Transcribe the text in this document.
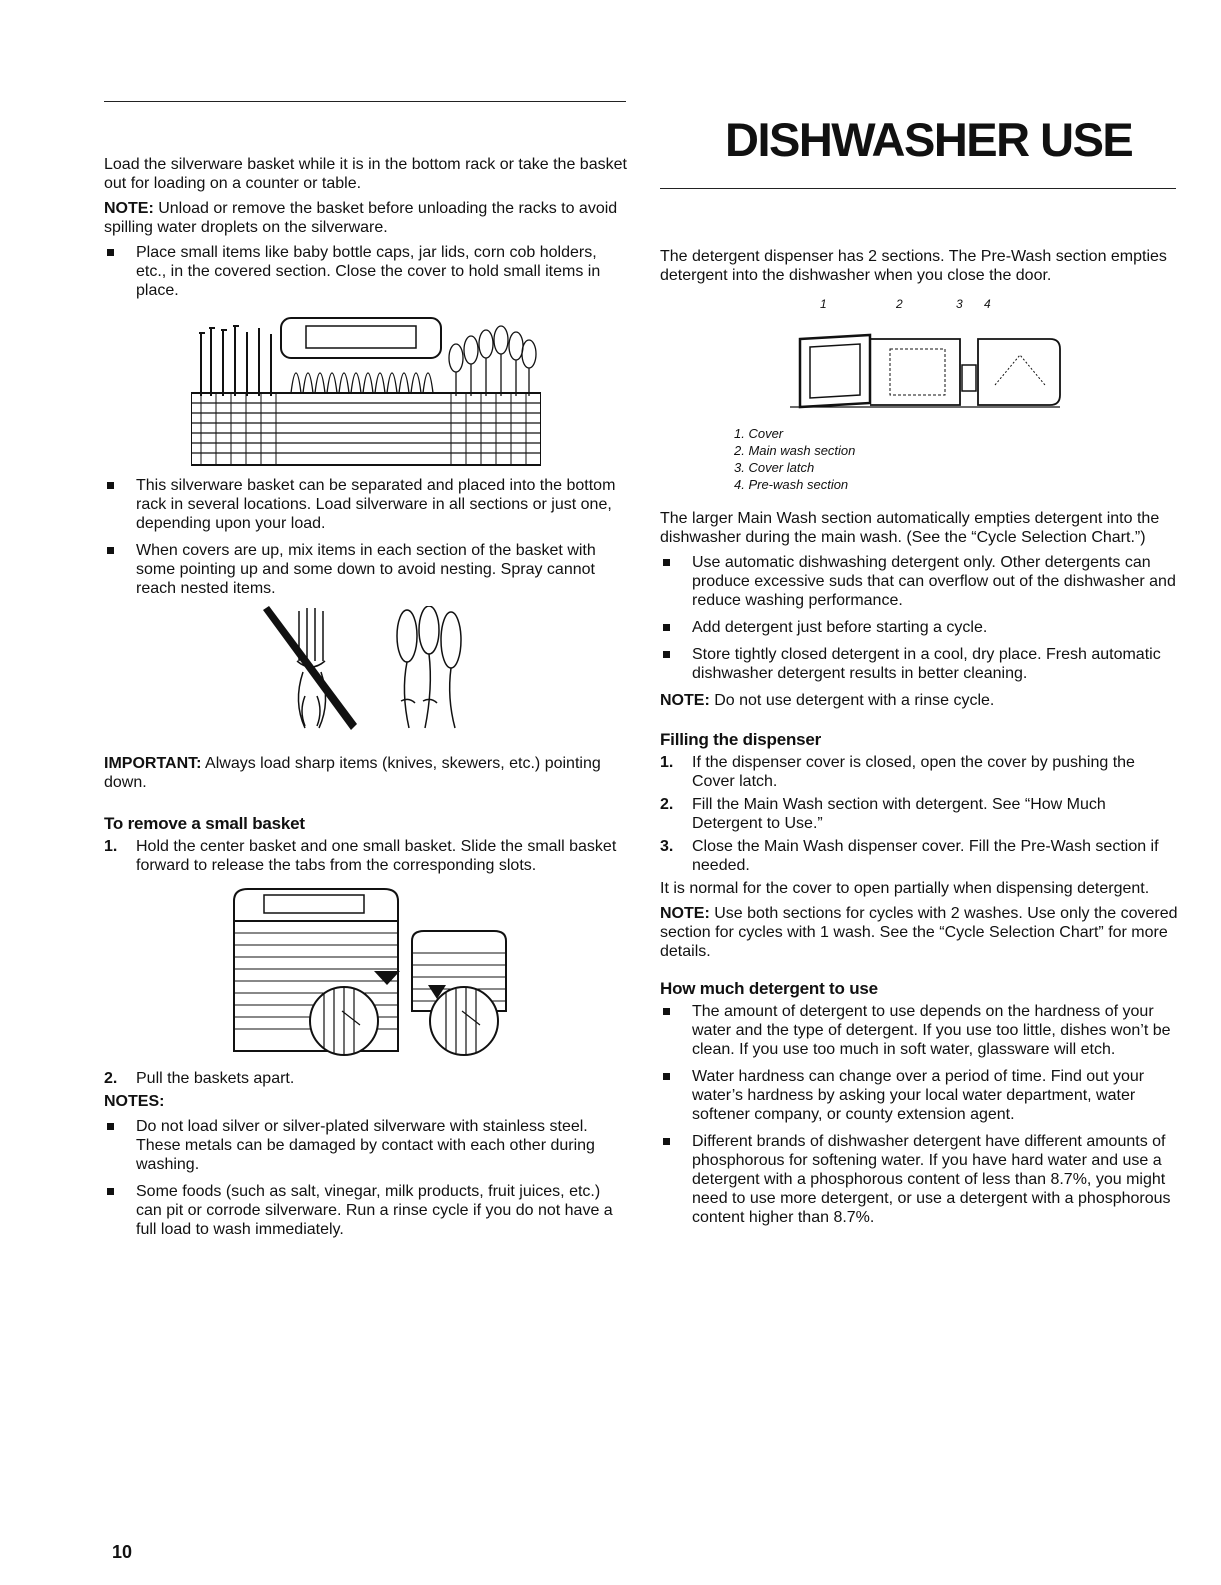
DISHWASHER USE

Load the silverware basket while it is in the bottom rack or take the basket out for loading on a counter or table.

NOTE: Unload or remove the basket before unloading the racks to avoid spilling water droplets on the silverware.

Place small items like baby bottle caps, jar lids, corn cob holders, etc., in the covered section. Close the cover to hold small items in place.
This silverware basket can be separated and placed into the bottom rack in several locations. Load silverware in all sections or just one, depending upon your load.
When covers are up, mix items in each section of the basket with some pointing up and some down to avoid nesting. Spray cannot reach nested items.

IMPORTANT: Always load sharp items (knives, skewers, etc.) pointing down.

To remove a small basket
1. Hold the center basket and one small basket. Slide the small basket forward to release the tabs from the corresponding slots.
2. Pull the baskets apart.

NOTES:

Do not load silver or silver-plated silverware with stainless steel. These metals can be damaged by contact with each other during washing.
Some foods (such as salt, vinegar, milk products, fruit juices, etc.) can pit or corrode silverware. Run a rinse cycle if you do not have a full load to wash immediately.

The detergent dispenser has 2 sections. The Pre-Wash section empties detergent into the dishwasher when you close the door.

1	2	3 4
1. Cover
2. Main wash section
3. Cover latch
4. Pre-wash section

The larger Main Wash section automatically empties detergent into the dishwasher during the main wash. (See the “Cycle Selection Chart.”)

Use automatic dishwashing detergent only. Other detergents can produce excessive suds that can overflow out of the dishwasher and reduce washing performance.
Add detergent just before starting a cycle.
Store tightly closed detergent in a cool, dry place. Fresh automatic dishwasher detergent results in better cleaning.

NOTE: Do not use detergent with a rinse cycle.

Filling the dispenser
1. If the dispenser cover is closed, open the cover by pushing the Cover latch.
2. Fill the Main Wash section with detergent. See “How Much Detergent to Use.”
3. Close the Main Wash dispenser cover. Fill the Pre-Wash section if needed.

It is normal for the cover to open partially when dispensing detergent.

NOTE: Use both sections for cycles with 2 washes. Use only the covered section for cycles with 1 wash. See the “Cycle Selection Chart” for more details.

How much detergent to use
The amount of detergent to use depends on the hardness of your water and the type of detergent. If you use too little, dishes won’t be clean. If you use too much in soft water, glassware will etch.
Water hardness can change over a period of time. Find out your water’s hardness by asking your local water department, water softener company, or county extension agent.
Different brands of dishwasher detergent have different amounts of phosphorous for softening water. If you have hard water and use a detergent with a phosphorous content of less than 8.7%, you might need to use more detergent, or use a detergent with a phosphorous content higher than 8.7%.
10
